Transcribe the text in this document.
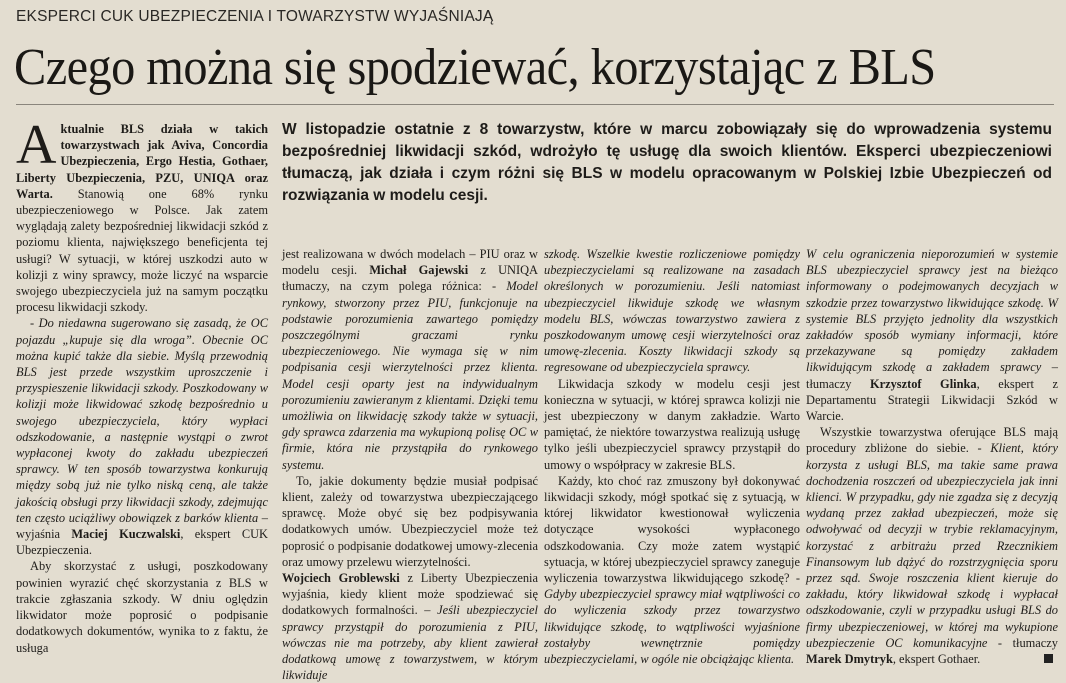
EKSPERCI CUK UBEZPIECZENIA I TOWARZYSTW WYJAŚNIAJĄ
Czego można się spodziewać, korzystając z BLS
W listopadzie ostatnie z 8 towarzystw, które w marcu zobowiązały się do wprowadzenia systemu bezpośredniej likwidacji szkód, wdrożyło tę usługę dla swoich klientów. Eksperci ubezpieczeniowi tłumaczą, jak działa i czym różni się BLS w modelu opracowanym w Polskiej Izbie Ubezpieczeń od rozwiązania w modelu cesji.

Aktualnie BLS działa w takich towarzystwach jak Aviva, Concordia Ubezpieczenia, Ergo Hestia, Gothaer, Liberty Ubezpieczenia, PZU, UNIQA oraz Warta. Stanowią one 68% rynku ubezpieczeniowego w Polsce. Jak zatem wyglądają zalety bezpośredniej likwidacji szkód z poziomu klienta, największego beneficjenta tej usługi? W sytuacji, w której uszkodzi auto w kolizji z winy sprawcy, może liczyć na wsparcie swojego ubezpieczyciela już na samym początku procesu likwidacji szkody.

- Do niedawna sugerowano się zasadą, że OC pojazdu „kupuje się dla wroga”. Obecnie OC można kupić także dla siebie. Myślą przewodnią BLS jest przede wszystkim uproszczenie i przyspieszenie likwidacji szkody. Poszkodowany w kolizji może likwidować szkodę bezpośrednio u swojego ubezpieczyciela, który wypłaci odszkodowanie, a następnie wystąpi o zwrot wypłaconej kwoty do zakładu ubezpieczeń sprawcy. W ten sposób towarzystwa konkurują między sobą już nie tylko niską ceną, ale także jakością obsługi przy likwidacji szkody, zdejmując ten często uciążliwy obowiązek z barków klienta – wyjaśnia Maciej Kuczwalski, ekspert CUK Ubezpieczenia.

Aby skorzystać z usługi, poszkodowany powinien wyrazić chęć skorzystania z BLS w trakcie zgłaszania szkody. W dniu oględzin likwidator może poprosić o podpisanie dodatkowych dokumentów, wynika to z faktu, że usługa

jest realizowana w dwóch modelach – PIU oraz w modelu cesji. Michał Gajewski z UNIQA tłumaczy, na czym polega różnica: - Model rynkowy, stworzony przez PIU, funkcjonuje na podstawie porozumienia zawartego pomiędzy poszczególnymi graczami rynku ubezpieczeniowego. Nie wymaga się w nim podpisania cesji wierzytelności przez klienta. Model cesji oparty jest na indywidualnym porozumieniu zawieranym z klientami. Dzięki temu umożliwia on likwidację szkody także w sytuacji, gdy sprawca zdarzenia ma wykupioną polisę OC w firmie, która nie przystąpiła do rynkowego systemu.

To, jakie dokumenty będzie musiał podpisać klient, zależy od towarzystwa ubezpieczającego sprawcę. Może obyć się bez podpisywania dodatkowych umów. Ubezpieczyciel może też poprosić o podpisanie dodatkowej umowy-zlecenia oraz umowy przelewu wierzytelności.

Wojciech Groblewski z Liberty Ubezpieczenia wyjaśnia, kiedy klient może spodziewać się dodatkowych formalności. – Jeśli ubezpieczyciel sprawcy przystąpił do porozumienia z PIU, wówczas nie ma potrzeby, aby klient zawierał dodatkową umowę z towarzystwem, w którym likwiduje

szkodę. Wszelkie kwestie rozliczeniowe pomiędzy ubezpieczycielami są realizowane na zasadach określonych w porozumieniu. Jeśli natomiast ubezpieczyciel likwiduje szkodę we własnym modelu BLS, wówczas towarzystwo zawiera z poszkodowanym umowę cesji wierzytelności oraz umowę-zlecenia. Koszty likwidacji szkody są regresowane od ubezpieczyciela sprawcy.

Likwidacja szkody w modelu cesji jest konieczna w sytuacji, w której sprawca kolizji nie jest ubezpieczony w danym zakładzie. Warto pamiętać, że niektóre towarzystwa realizują usługę tylko jeśli ubezpieczyciel sprawcy przystąpił do umowy o współpracy w zakresie BLS.

Każdy, kto choć raz zmuszony był dokonywać likwidacji szkody, mógł spotkać się z sytuacją, w której likwidator kwestionował wyliczenia dotyczące wysokości wypłaconego odszkodowania. Czy może zatem wystąpić sytuacja, w której ubezpieczyciel sprawcy zaneguje wyliczenia towarzystwa likwidującego szkodę? - Gdyby ubezpieczyciel sprawcy miał wątpliwości co do wyliczenia szkody przez towarzystwo likwidujące szkodę, to wątpliwości wyjaśnione zostałyby wewnętrznie pomiędzy ubezpieczycielami, w ogóle nie obciążając klienta.

W celu ograniczenia nieporozumień w systemie BLS ubezpieczyciel sprawcy jest na bieżąco informowany o podejmowanych decyzjach w szkodzie przez towarzystwo likwidujące szkodę. W systemie BLS przyjęto jednolity dla wszystkich zakładów sposób wymiany informacji, które przekazywane są pomiędzy zakładem likwidującym szkodę a zakładem sprawcy – tłumaczy Krzysztof Glinka, ekspert z Departamentu Strategii Likwidacji Szkód w Warcie.

Wszystkie towarzystwa oferujące BLS mają procedury zbliżone do siebie. - Klient, który korzysta z usługi BLS, ma takie same prawa dochodzenia roszczeń od ubezpieczyciela jak inni klienci. W przypadku, gdy nie zgadza się z decyzją wydaną przez zakład ubezpieczeń, może się odwoływać od decyzji w trybie reklamacyjnym, korzystać z arbitrażu przed Rzecznikiem Finansowym lub dążyć do rozstrzygnięcia sporu przez sąd. Swoje roszczenia klient kieruje do zakładu, który likwidował szkodę i wypłacał odszkodowanie, czyli w przypadku usługi BLS do firmy ubezpieczeniowej, w której ma wykupione ubezpieczenie OC komunikacyjne - tłumaczy Marek Dmytryk, ekspert Gothaer.
